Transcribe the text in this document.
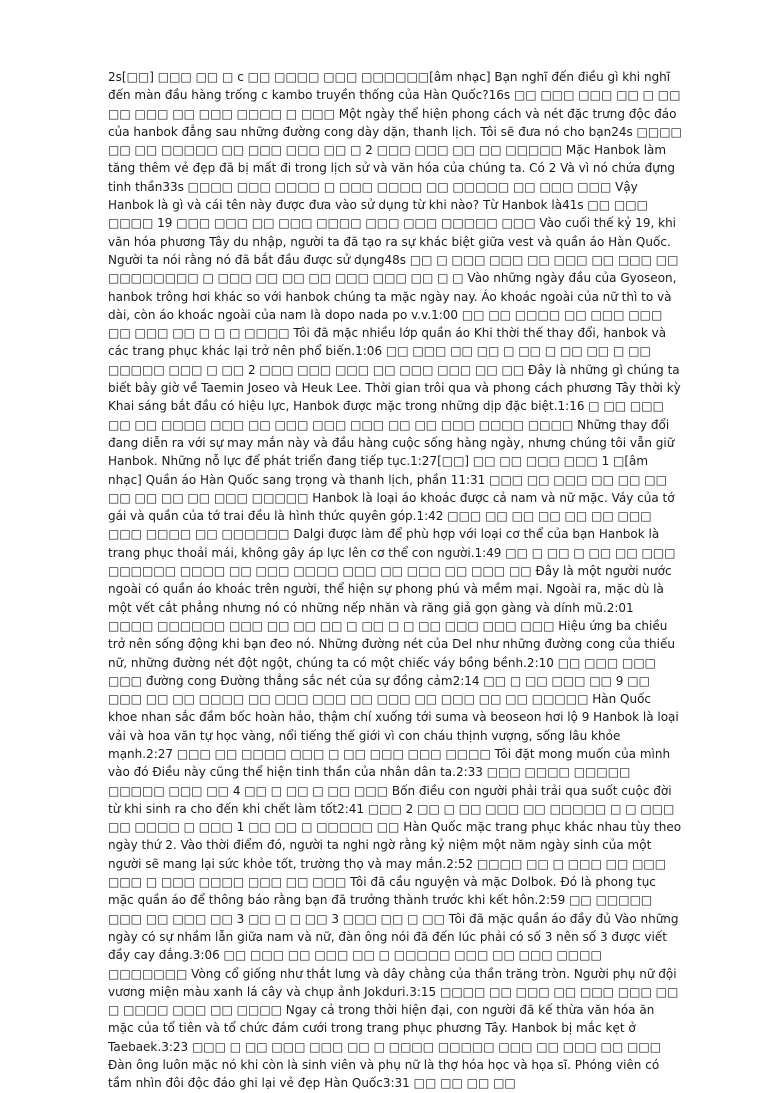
2s[□□] □□□ □□ □ c □□ □□□□ □□□ □□□□□□[âm nhạc] Bạn nghĩ đến điều gì khi nghĩ đến màn đầu hàng trống c kambo truyền thống của Hàn Quốc?16s □□ □□□ □□□ □□ □ □□ □□ □□□ □□ □□□ □□□□ □ □□□ Một ngày thể hiện phong cách và nét đặc trưng độc đáo của hanbok đẳng sau những đường cong dày dặn, thanh lịch. Tôi sẽ đưa nó cho bạn24s □□□□ □□ □□ □□□□□ □□ □□□ □□□ □□ □ 2 □□□ □□□ □□ □□ □□□□□ Mặc Hanbok làm tăng thêm vẻ đẹp đã bị mất đi trong lịch sử và văn hóa của chúng ta. Có 2 Và vì nó chứa đựng tinh thần33s □□□□ □□□ □□□□ □ □□□ □□□□ □□ □□□□□ □□ □□□ □□□ Vậy Hanbok là gì và cái tên này được đưa vào sử dụng từ khi nào? Từ Hanbok là41s □□ □□□ □□□□ 19 □□□ □□□ □□ □□□ □□□□ □□□ □□□ □□□□□ □□□ Vào cuối thế kỷ 19, khi văn hóa phương Tây du nhập, người ta đã tạo ra sự khác biệt giữa vest và quần áo Hàn Quốc. Người ta nói rằng nó đã bắt đầu được sử dụng48s □□ □ □□□ □□□ □□ □□□ □□ □□□ □□ □□□□□□□□ □ □□□ □□ □□ □□ □□□ □□□ □□ □ □ Vào những ngày đầu của Gyoseon, hanbok trông hơi khác so với hanbok chúng ta mặc ngày nay. Áo khoác ngoài của nữ thì to và dài, còn áo khoác ngoài của nam là dopo nada po v.v.1:00 □□ □□ □□□□ □□ □□□ □□□ □□ □□□ □□ □ □ □ □□□□ Tôi đã mặc nhiều lớp quần áo Khi thời thế thay đổi, hanbok và các trang phục khác lại trở nên phổ biến.1:06 □□ □□□ □□ □□ □ □□ □ □□ □□ □ □□ □□□□□ □□□ □ □□ 2 □□□ □□□ □□□ □□ □□□ □□□ □□ □□ Đây là những gì chúng ta biết bây giờ về Taemin Joseo và Heuk Lee. Thời gian trôi qua và phong cách phương Tây thời kỳ Khai sáng bắt đầu có hiệu lực, Hanbok được mặc trong những dịp đặc biệt.1:16 □ □□ □□□ □□ □□ □□□□ □□□ □□ □□□ □□□ □□□ □□ □□ □□□ □□□□ □□□□ Những thay đổi đang diễn ra với sự may mắn này và đầu hàng cuộc sống hàng ngày, nhưng chúng tôi vẫn giữ Hanbok. Những nỗ lực để phát triển đang tiếp tục.1:27[□□] □□ □□ □□□ □□□ 1 □[âm nhạc] Quần áo Hàn Quốc sang trọng và thanh lịch, phần 11:31 □□□ □□ □□□ □□ □□ □□ □□ □□ □□ □□ □□□ □□□□□ Hanbok là loại áo khoác được cả nam và nữ mặc. Váy của tớ gái và quần của tớ trai đều là hình thức quyên góp.1:42 □□□ □□ □□ □□ □□ □□ □□□ □□□ □□□□ □□ □□□□□□ Dalgi được làm để phù hợp với loại cơ thể của bạn Hanbok là trang phục thoải mái, không gây áp lực lên cơ thể con người.1:49 □□ □ □□ □ □□ □□ □□□ □□□□□□ □□□□ □□ □□□ □□□□ □□□ □□ □□□ □□ □□□ □□ Đây là một người nước ngoài có quần áo khoác trên người, thể hiện sự phong phú và mềm mại. Ngoài ra, mặc dù là một vết cắt phẳng nhưng nó có những nếp nhăn và răng giả gọn gàng và dính mũ.2:01 □□□□ □□□□□□ □□□ □□ □□ □□ □ □□ □ □ □□ □□□ □□□ □□□ Hiệu ứng ba chiều trở nên sống động khi bạn đeo nó. Những đường nét của Del như những đường cong của thiếu nữ, những đường nét đột ngột, chúng ta có một chiếc váy bồng bềnh.2:10 □□ □□□ □□□ □□□ đường cong Đường thẳng sắc nét của sự đồng cảm2:14 □□ □ □□ □□□ □□ 9 □□ □□□ □□ □□ □□□□ □□ □□□ □□□ □□ □□□ □□ □□□ □□ □□ □□□□□ Hàn Quốc khoe nhan sắc đầm bốc hoàn hảo, thậm chí xuống tới suma và beoseon hơi lộ 9 Hanbok là loại vải và hoa văn tự học vàng, nổi tiếng thế giới vì con cháu thịnh vượng, sống lâu khỏe mạnh.2:27 □□□ □□ □□□□ □□□ □ □□ □□□ □□□ □□□□ Tôi đặt mong muốn của mình vào đó Điều này cũng thể hiện tinh thần của nhân dân ta.2:33 □□□ □□□□ □□□□□ □□□□□ □□□ □□ 4 □□ □ □□ □ □□ □□□ Bốn điều con người phải trải qua suốt cuộc đời từ khi sinh ra cho đến khi chết làm tốt2:41 □□□ 2 □□ □ □□ □□□ □□ □□□□□ □ □ □□□ □□ □□□□ □ □□□ 1 □□ □□ □ □□□□□ □□ Hàn Quốc mặc trang phục khác nhau tùy theo ngày thứ 2. Vào thời điểm đó, người ta nghi ngờ rằng kỷ niệm một năm ngày sinh của một người sẽ mang lại sức khỏe tốt, trường thọ và may mắn.2:52 □□□□ □□ □ □□□ □□ □□□ □□□ □ □□□ □□□□ □□□ □□ □□□ Tôi đã cầu nguyện và mặc Dolbok. Đó là phong tục mặc quần áo để thông báo rằng bạn đã trưởng thành trước khi kết hôn.2:59 □□ □□□□□ □□□ □□ □□□ □□ 3 □□ □ □ □□ 3 □□□ □□ □ □□ Tôi đã mặc quần áo đầy đủ Vào những ngày có sự nhầm lẫn giữa nam và nữ, đàn ông nói đã đến lúc phải có số 3 nên số 3 được viết đầy cay đắng.3:06 □□ □□□ □□ □□□ □□ □ □□□□□ □□□ □□ □□□ □□□□ □□□□□□□ Vòng cổ giống như thắt lưng và dây chằng của thần trăng tròn. Người phụ nữ đội vương miện màu xanh lá cây và chụp ảnh Jokduri.3:15 □□□□ □□ □□□ □□ □□□ □□□ □□ □ □□□□ □□□ □□ □□□□ Ngay cả trong thời hiện đại, con người đã kế thừa văn hóa ăn mặc của tổ tiên và tổ chức đám cưới trong trang phục phương Tây. Hanbok bị mắc kẹt ở Taebaek.3:23 □□□ □ □□ □□□ □□□ □□ □ □□□□ □□□□□ □□□ □□ □□□ □□ □□□ Đàn ông luôn mặc nó khi còn là sinh viên và phụ nữ là thợ hóa học và họa sĩ. Phóng viên có tầm nhìn đôi độc đáo ghi lại vẻ đẹp Hàn Quốc3:31 □□ □□ □□ □□
